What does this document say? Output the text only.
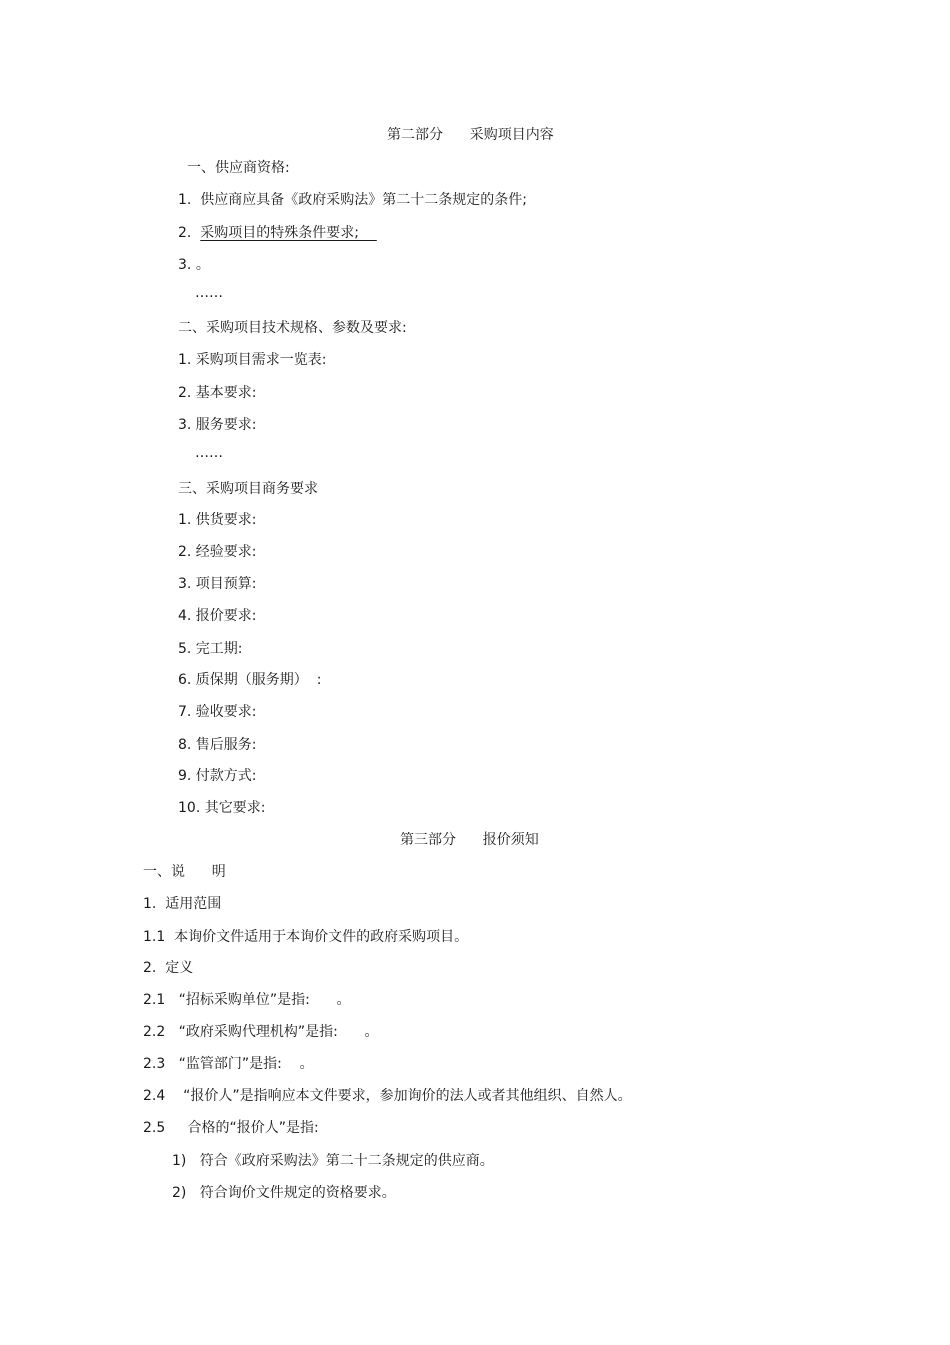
第二部分      采购项目内容
一、供应商资格:
1. 供应商应具备《政府采购法》第二十二条规定的条件;
2. 采购项目的特殊条件要求;
3. 。
……
二、采购项目技术规格、参数及要求:
1. 采购项目需求一览表:
2. 基本要求:
3. 服务要求:
……
三、采购项目商务要求
1. 供货要求:
2. 经验要求:
3. 项目预算:
4. 报价要求:
5. 完工期:
6. 质保期（服务期）  :
7. 验收要求:
8. 售后服务:
9. 付款方式:
10. 其它要求:
第三部分      报价须知
一、说      明
1.  适用范围
1.1  本询价文件适用于本询价文件的政府采购项目。
2.  定义
2.1   “招标采购单位”是指:      。
2.2   “政府采购代理机构”是指:      。
2.3   “监管部门”是指:    。
2.4    “报价人”是指响应本文件要求，参加询价的法人或者其他组织、自然人。
2.5     合格的“报价人”是指:
1)   符合《政府采购法》第二十二条规定的供应商。
2)   符合询价文件规定的资格要求。
